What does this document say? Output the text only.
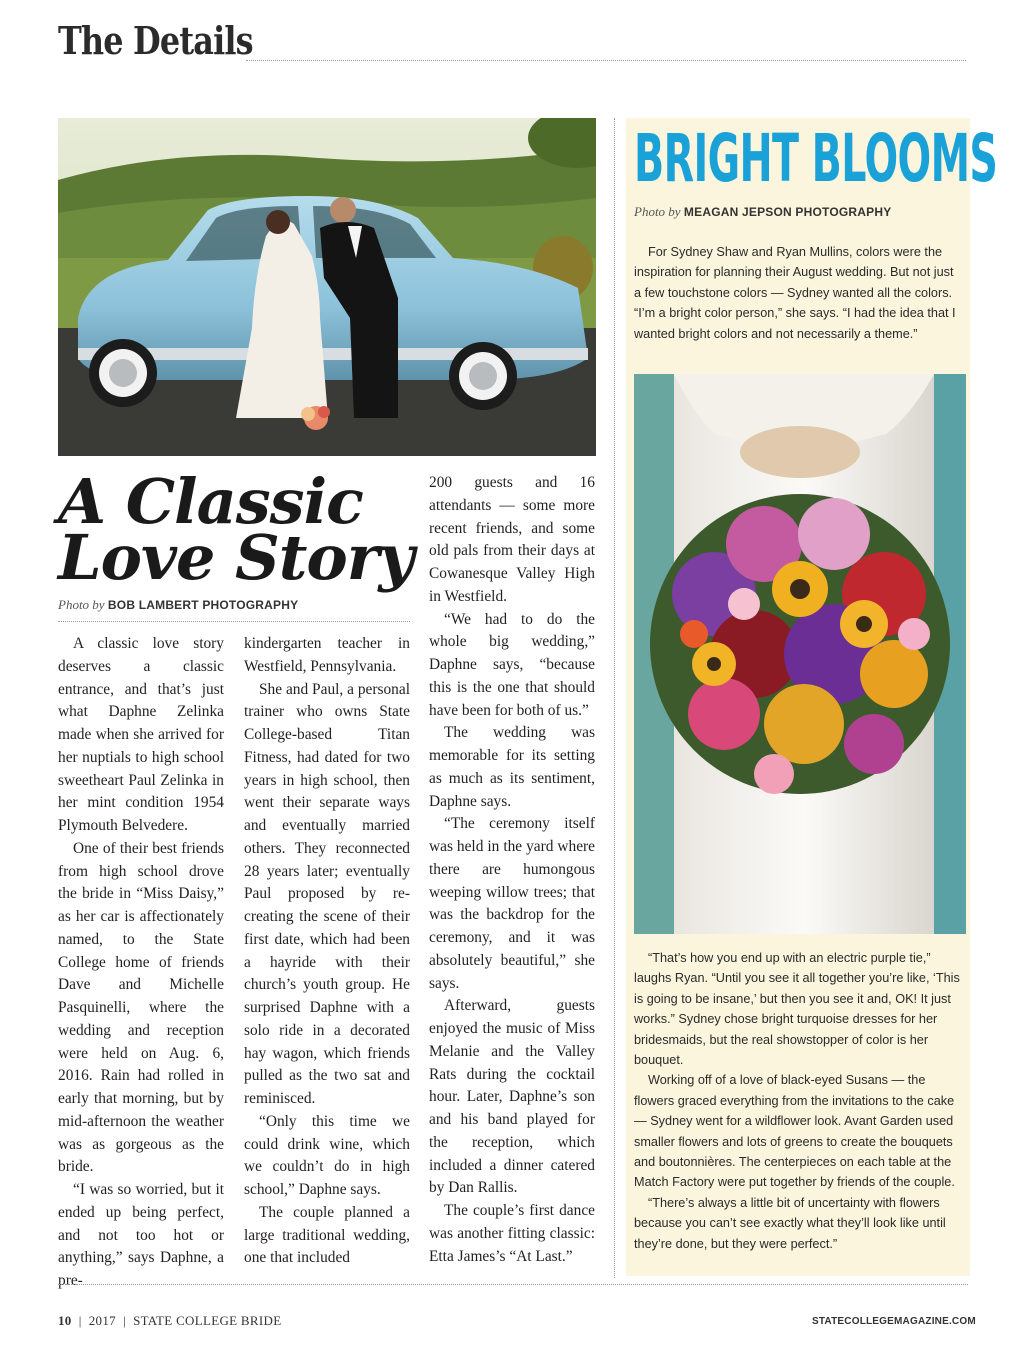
The Details
A Classic
Love Story
Photo by BOB LAMBERT PHOTOGRAPHY

A classic love story deserves a classic entrance, and that’s just what Daphne Zelinka made when she arrived for her nuptials to high school sweetheart Paul Zelinka in her mint condition 1954 Plymouth Belvedere.

One of their best friends from high school drove the bride in “Miss Daisy,” as her car is affectionately named, to the State College home of friends Dave and Michelle Pasquinelli, where the wedding and reception were held on Aug. 6, 2016. Rain had rolled in early that morning, but by mid-afternoon the weather was as gorgeous as the bride.

“I was so worried, but it ended up being perfect, and not too hot or anything,” says Daphne, a pre-

kindergarten teacher in Westfield, Pennsylvania.

She and Paul, a personal trainer who owns State College-based Titan Fitness, had dated for two years in high school, then went their separate ways and eventually married others. They reconnected 28 years later; eventually Paul proposed by re-creating the scene of their first date, which had been a hayride with their church’s youth group. He surprised Daphne with a solo ride in a decorated hay wagon, which friends pulled as the two sat and reminisced.

“Only this time we could drink wine, which we couldn’t do in high school,” Daphne says.

The couple planned a large traditional wedding, one that included

200 guests and 16 attendants — some more recent friends, and some old pals from their days at Cowanesque Valley High in Westfield.

“We had to do the whole big wedding,” Daphne says, “because this is the one that should have been for both of us.”

The wedding was memorable for its setting as much as its sentiment, Daphne says.

“The ceremony itself was held in the yard where there are humongous weeping willow trees; that was the backdrop for the ceremony, and it was absolutely beautiful,” she says.

Afterward, guests enjoyed the music of Miss Melanie and the Valley Rats during the cocktail hour. Later, Daphne’s son and his band played for the reception, which included a dinner catered by Dan Rallis.

The couple’s first dance was another fitting classic: Etta James’s “At Last.”

BRIGHT BLOOMS
Photo by MEAGAN JEPSON PHOTOGRAPHY

For Sydney Shaw and Ryan Mullins, colors were the inspiration for planning their August wedding. But not just a few touchstone colors — Sydney wanted all the colors. “I’m a bright color person,” she says. “I had the idea that I wanted bright colors and not necessarily a theme.”

“That’s how you end up with an electric purple tie,” laughs Ryan. “Until you see it all together you’re like, ‘This is going to be insane,’ but then you see it and, OK! It just works.” Sydney chose bright turquoise dresses for her bridesmaids, but the real showstopper of color is her bouquet.

Working off of a love of black-eyed Susans — the flowers graced everything from the invitations to the cake — Sydney went for a wildflower look. Avant Garden used smaller flowers and lots of greens to create the bouquets and boutonnières. The centerpieces on each table at the Match Factory were put together by friends of the couple.

“There’s always a little bit of uncertainty with flowers because you can’t see exactly what they’ll look like until they’re done, but they were perfect.”

10 | 2017 | STATE COLLEGE BRIDE	STATECOLLEGEMAGAZINE.COM
